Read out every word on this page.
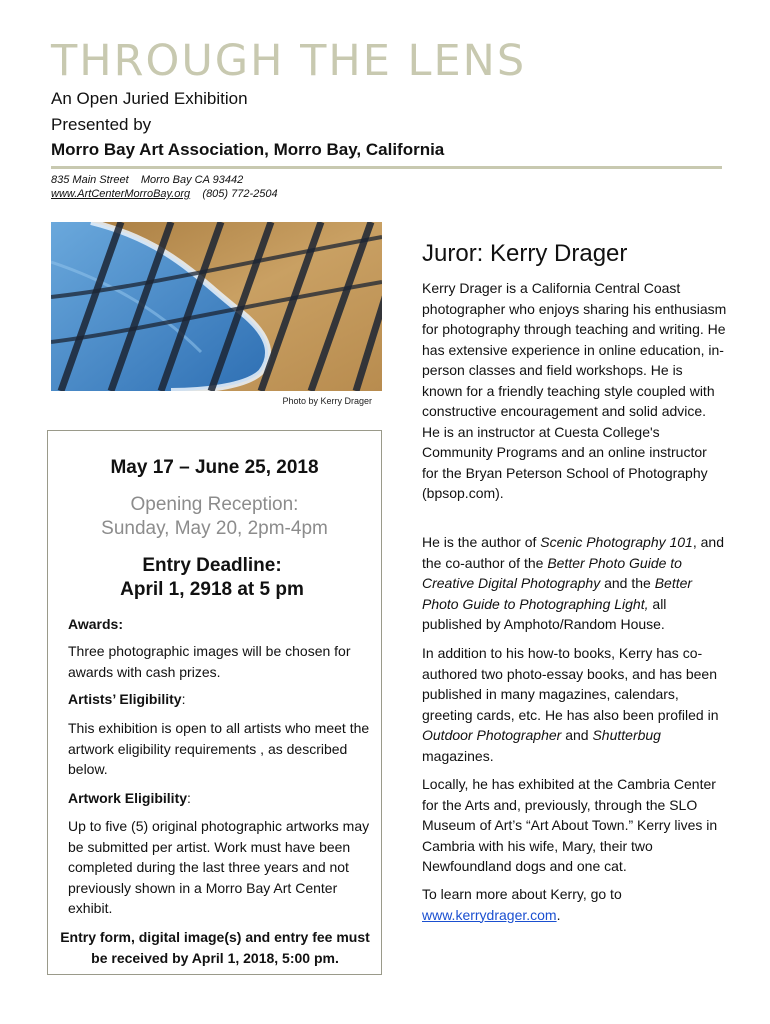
THROUGH THE LENS
An Open Juried Exhibition
Presented by
Morro Bay Art Association, Morro Bay, California
835 Main Street    Morro Bay CA 93442
www.ArtCenterMorroBay.org (805) 772-2504
Photo by Kerry Drager
May 17 – June 25, 2018
Opening Reception:
Sunday, May 20, 2pm-4pm
Entry Deadline:
April 1, 2918 at 5 pm
Awards:
Three photographic images will be chosen for awards with cash prizes.
Artists’ Eligibility:
This exhibition is open to all artists who meet the artwork eligibility requirements , as described below.
Artwork Eligibility:
Up to five (5) original photographic artworks may be submitted per artist. Work must have been completed during the last three years and not previously shown in a Morro Bay Art Center exhibit.
Entry form, digital image(s) and entry fee must be received by April 1, 2018, 5:00 pm.
Juror: Kerry Drager
Kerry Drager is a California Central Coast photographer who enjoys sharing his enthusiasm for photography through teaching and writing. He has extensive experience in online education, in-person classes and field workshops. He is known for a friendly teaching style coupled with constructive encouragement and solid advice. He is an instructor at Cuesta College's Community Programs and an online instructor for the Bryan Peterson School of Photography (bpsop.com).
He is the author of Scenic Photography 101, and the co-author of the Better Photo Guide to Creative Digital Photography and the Better Photo Guide to Photographing Light, all published by Amphoto/Random House.
In addition to his how-to books, Kerry has co-authored two photo-essay books, and has been published in many magazines, calendars, greeting cards, etc. He has also been profiled in Outdoor Photographer and Shutterbug magazines.
Locally, he has exhibited at the Cambria Center for the Arts and, previously, through the SLO Museum of Art’s “Art About Town.” Kerry lives in Cambria with his wife, Mary, their two Newfoundland dogs and one cat.
To learn more about Kerry, go to www.kerrydrager.com.
